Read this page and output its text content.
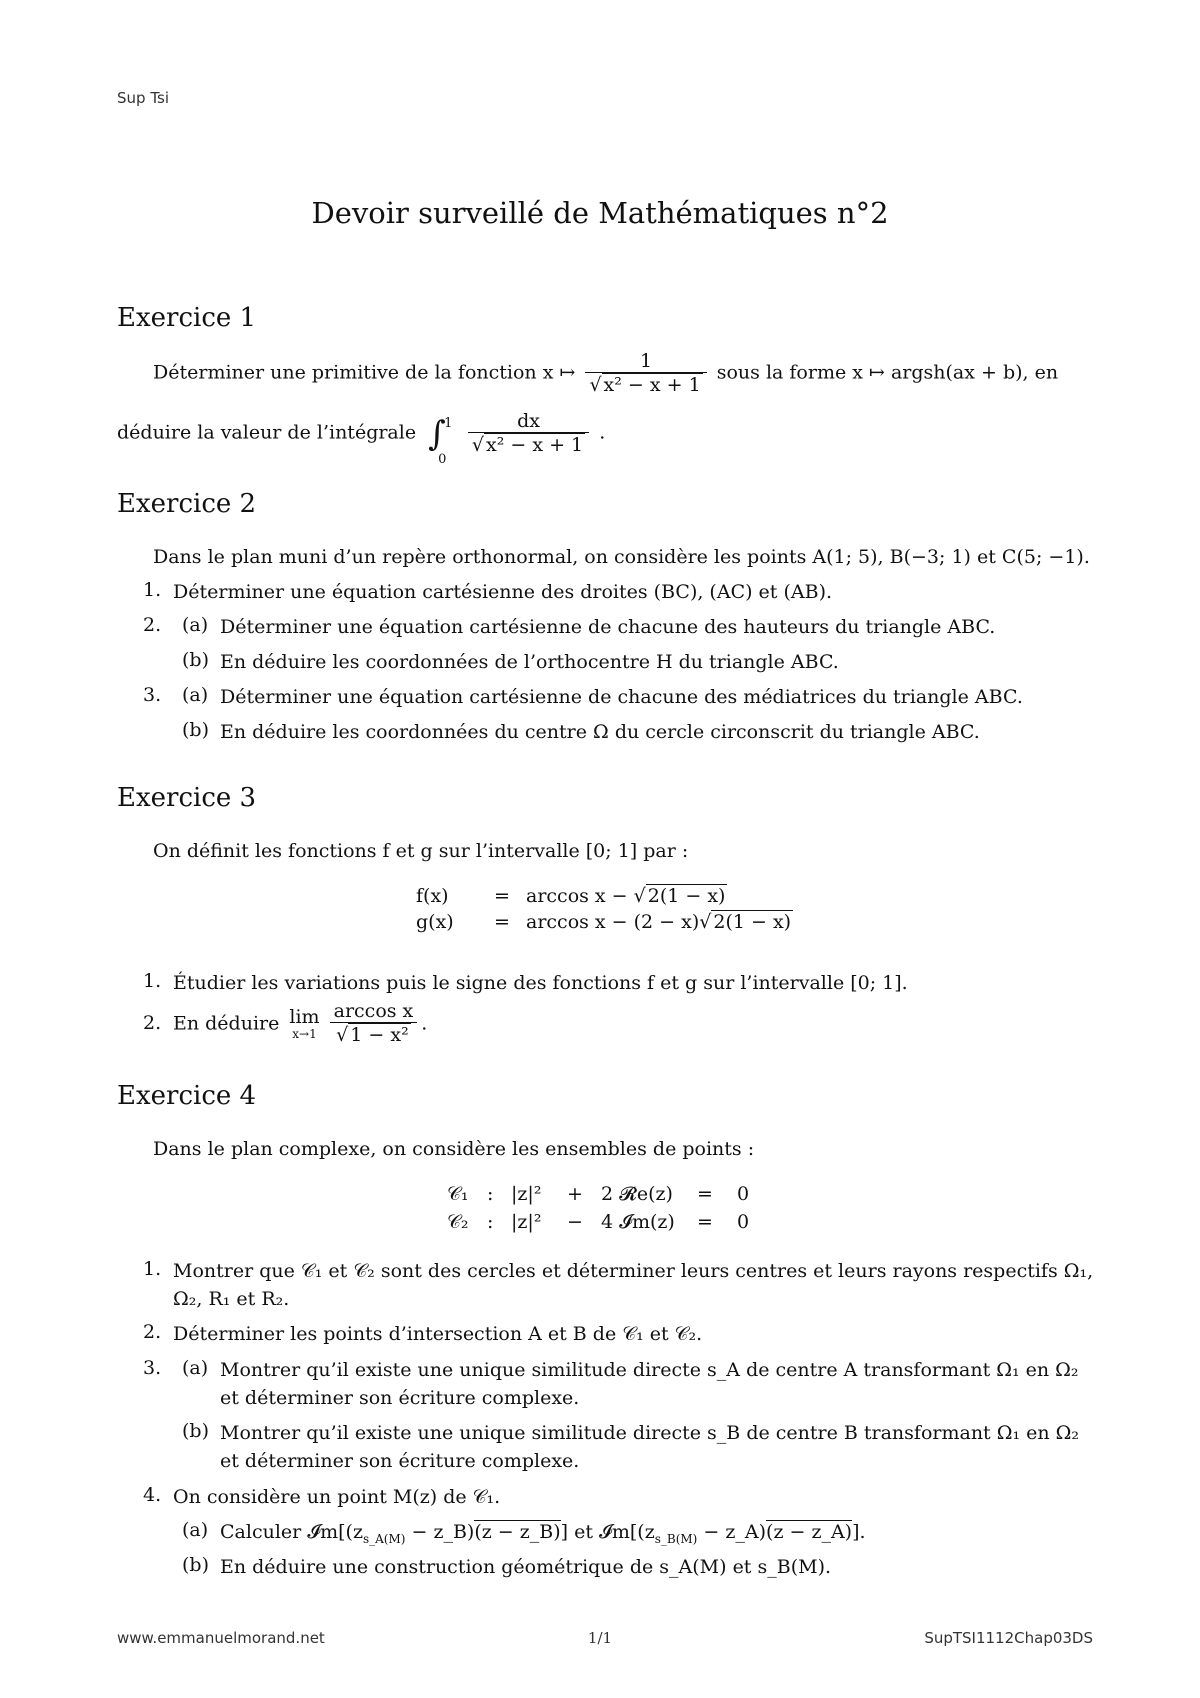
Sup Tsi
Devoir surveillé de Mathématiques n°2
Exercice 1
Déterminer une primitive de la fonction x ↦ $\frac{1}{\text{√ x² − x + 1}}$ sous la forme x ↦ argsh(ax + b), en
déduire la valeur de l’intégrale ∫
1
0

$\frac{dx}{\text{√ x² − x + 1}}$ .
Exercice 2
Dans le plan muni d’un repère orthonormal, on considère les points A(1; 5), B(−3; 1) et C(5; −1).
1. Déterminer une équation cartésienne des droites (BC), (AC) et (AB).
2. (a) Déterminer une équation cartésienne de chacune des hauteurs du triangle ABC.
(b) En déduire les coordonnées de l’orthocentre H du triangle ABC.
3. (a) Déterminer une équation cartésienne de chacune des médiatrices du triangle ABC.
(b) En déduire les coordonnées du centre Ω du cercle circonscrit du triangle ABC.
Exercice 3
On définit les fonctions f et g sur l’intervalle [0; 1] par :
f(x)	= arccos x − √ 2(1 − x)
g(x)	= arccos x − (2 − x)√ 2(1 − x)
1. Étudier les variations puis le signe des fonctions f et g sur l’intervalle [0; 1].
2. En déduire lim
x→1
$\frac{\text{arccos x}}{\text{√ 1 − x²}}$ .
Exercice 4
Dans le plan complexe, on considère les ensembles de points :
𝒞₁ : |z|²	+ 2 𝓡e(z)	=	0
𝒞₂ : |z|²	− 4 𝓘m(z)	=	0
1. Montrer que 𝒞₁ et 𝒞₂ sont des cercles et déterminer leurs centres et leurs rayons respectifs Ω₁,
Ω₂, R₁ et R₂.
2. Déterminer les points d’intersection A et B de 𝒞₁ et 𝒞₂.
3. (a) Montrer qu’il existe une unique similitude directe s_A de centre A transformant Ω₁ en Ω₂
et déterminer son écriture complexe.
(b) Montrer qu’il existe une unique similitude directe s_B de centre B transformant Ω₁ en Ω₂
et déterminer son écriture complexe.
4. On considère un point M(z) de 𝒞₁.
(a) Calculer $𝓘m[(z_{s\_A(M)}$ − z_B)(z − z_B)] et $𝓘m[(z_{s\_B(M)}$ − z_A)(z − z_A)].
(b) En déduire une construction géométrique de s_A(M) et s_B(M).
www.emmanuelmorand.net	1/1	SupTSI1112Chap03DS
